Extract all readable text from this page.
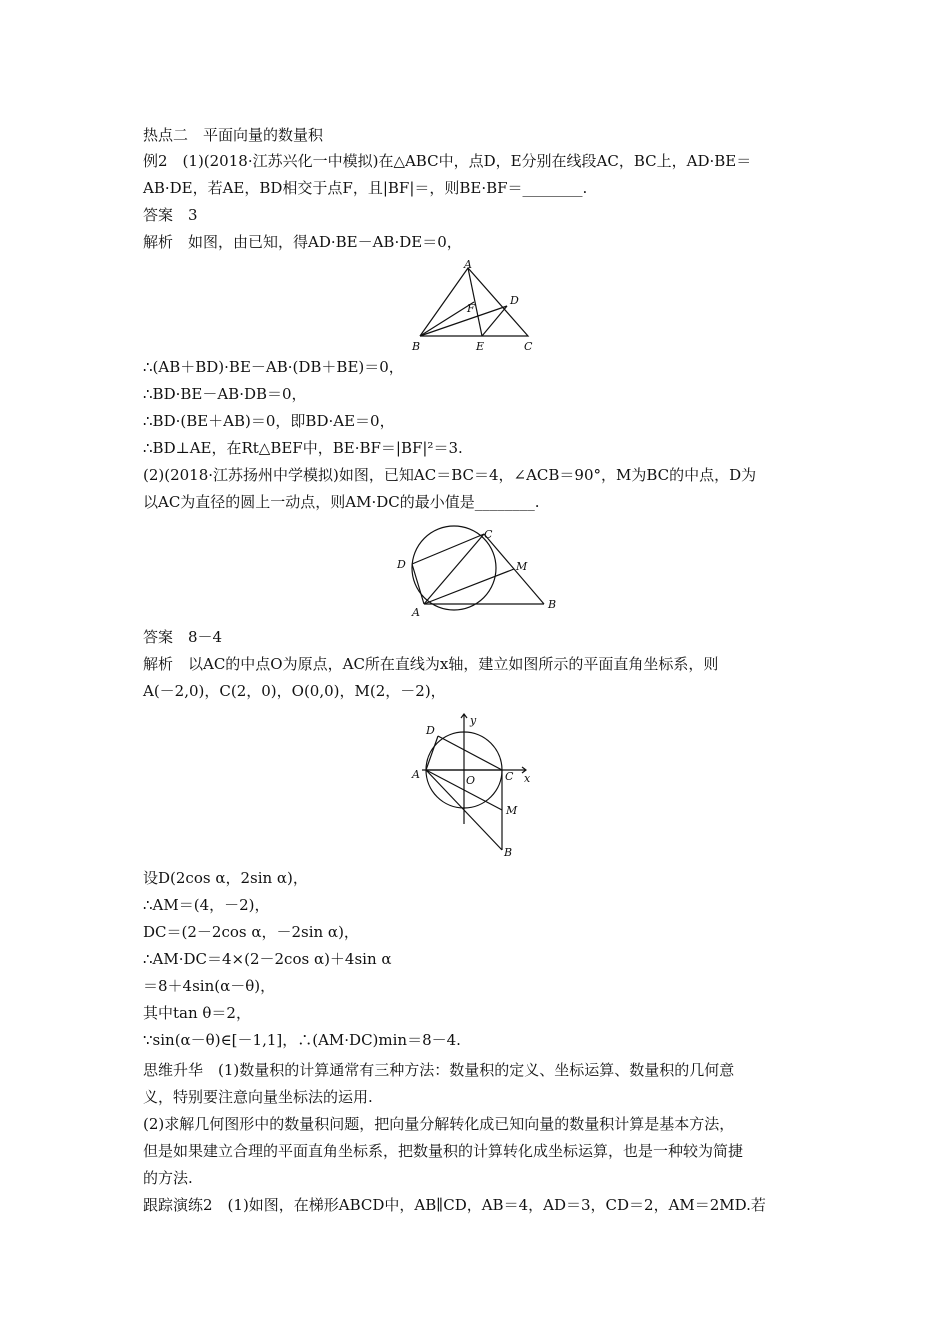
热点二　平面向量的数量积
例2　(1)(2018·江苏兴化一中模拟)在△ABC中，点D，E分别在线段AC，BC上，AD·BE＝
AB·DE，若AE，BD相交于点F，且|BF|＝，则BE·BF＝________.
答案　3
解析　如图，由已知，得AD·BE－AB·DE＝0，
A
B	C
D
E
F
∴(AB＋BD)·BE－AB·(DB＋BE)＝0，
∴BD·BE－AB·DB＝0，
∴BD·(BE＋AB)＝0，即BD·AE＝0，
∴BD⊥AE，在Rt△BEF中，BE·BF＝|BF|²＝3.
(2)(2018·江苏扬州中学模拟)如图，已知AC＝BC＝4，∠ACB＝90°，M为BC的中点，D为
以AC为直径的圆上一动点，则AM·DC的最小值是________.
C
D	M
A
B
答案　8－4
解析　以AC的中点O为原点，AC所在直线为x轴，建立如图所示的平面直角坐标系，则
A(－2,0)，C(2，0)，O(0,0)，M(2，－2)，
y
x
D
A	O	C
M
B
设D(2cos α，2sin α)，
∴AM＝(4，－2)，
DC＝(2－2cos α，－2sin α)，
∴AM·DC＝4×(2－2cos α)＋4sin α
＝8＋4sin(α－θ)，
其中tan θ＝2，
∵sin(α－θ)∈[－1,1]，∴(AM·DC)min＝8－4.
思维升华　(1)数量积的计算通常有三种方法：数量积的定义、坐标运算、数量积的几何意
义，特别要注意向量坐标法的运用.
(2)求解几何图形中的数量积问题，把向量分解转化成已知向量的数量积计算是基本方法，
但是如果建立合理的平面直角坐标系，把数量积的计算转化成坐标运算，也是一种较为简捷
的方法.
跟踪演练2　(1)如图，在梯形ABCD中，AB∥CD，AB＝4，AD＝3，CD＝2，AM＝2MD.若
